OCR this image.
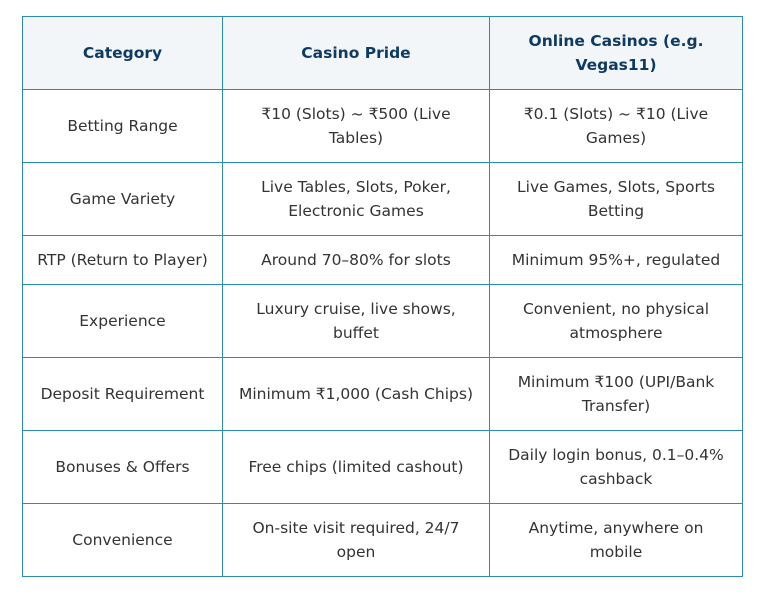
Category	Casino Pride	Online Casinos (e.g. Vegas11)
Betting Range	₹10 (Slots) ~ ₹500 (Live Tables)	₹0.1 (Slots) ~ ₹10 (Live Games)
Game Variety	Live Tables, Slots, Poker, Electronic Games	Live Games, Slots, Sports Betting
RTP (Return to Player)	Around 70–80% for slots	Minimum 95%+, regulated
Experience	Luxury cruise, live shows, buffet	Convenient, no physical atmosphere
Deposit Requirement	Minimum ₹1,000 (Cash Chips)	Minimum ₹100 (UPI/Bank Transfer)
Bonuses & Offers	Free chips (limited cashout)	Daily login bonus, 0.1–0.4% cashback
Convenience	On-site visit required, 24/7 open	Anytime, anywhere on mobile
